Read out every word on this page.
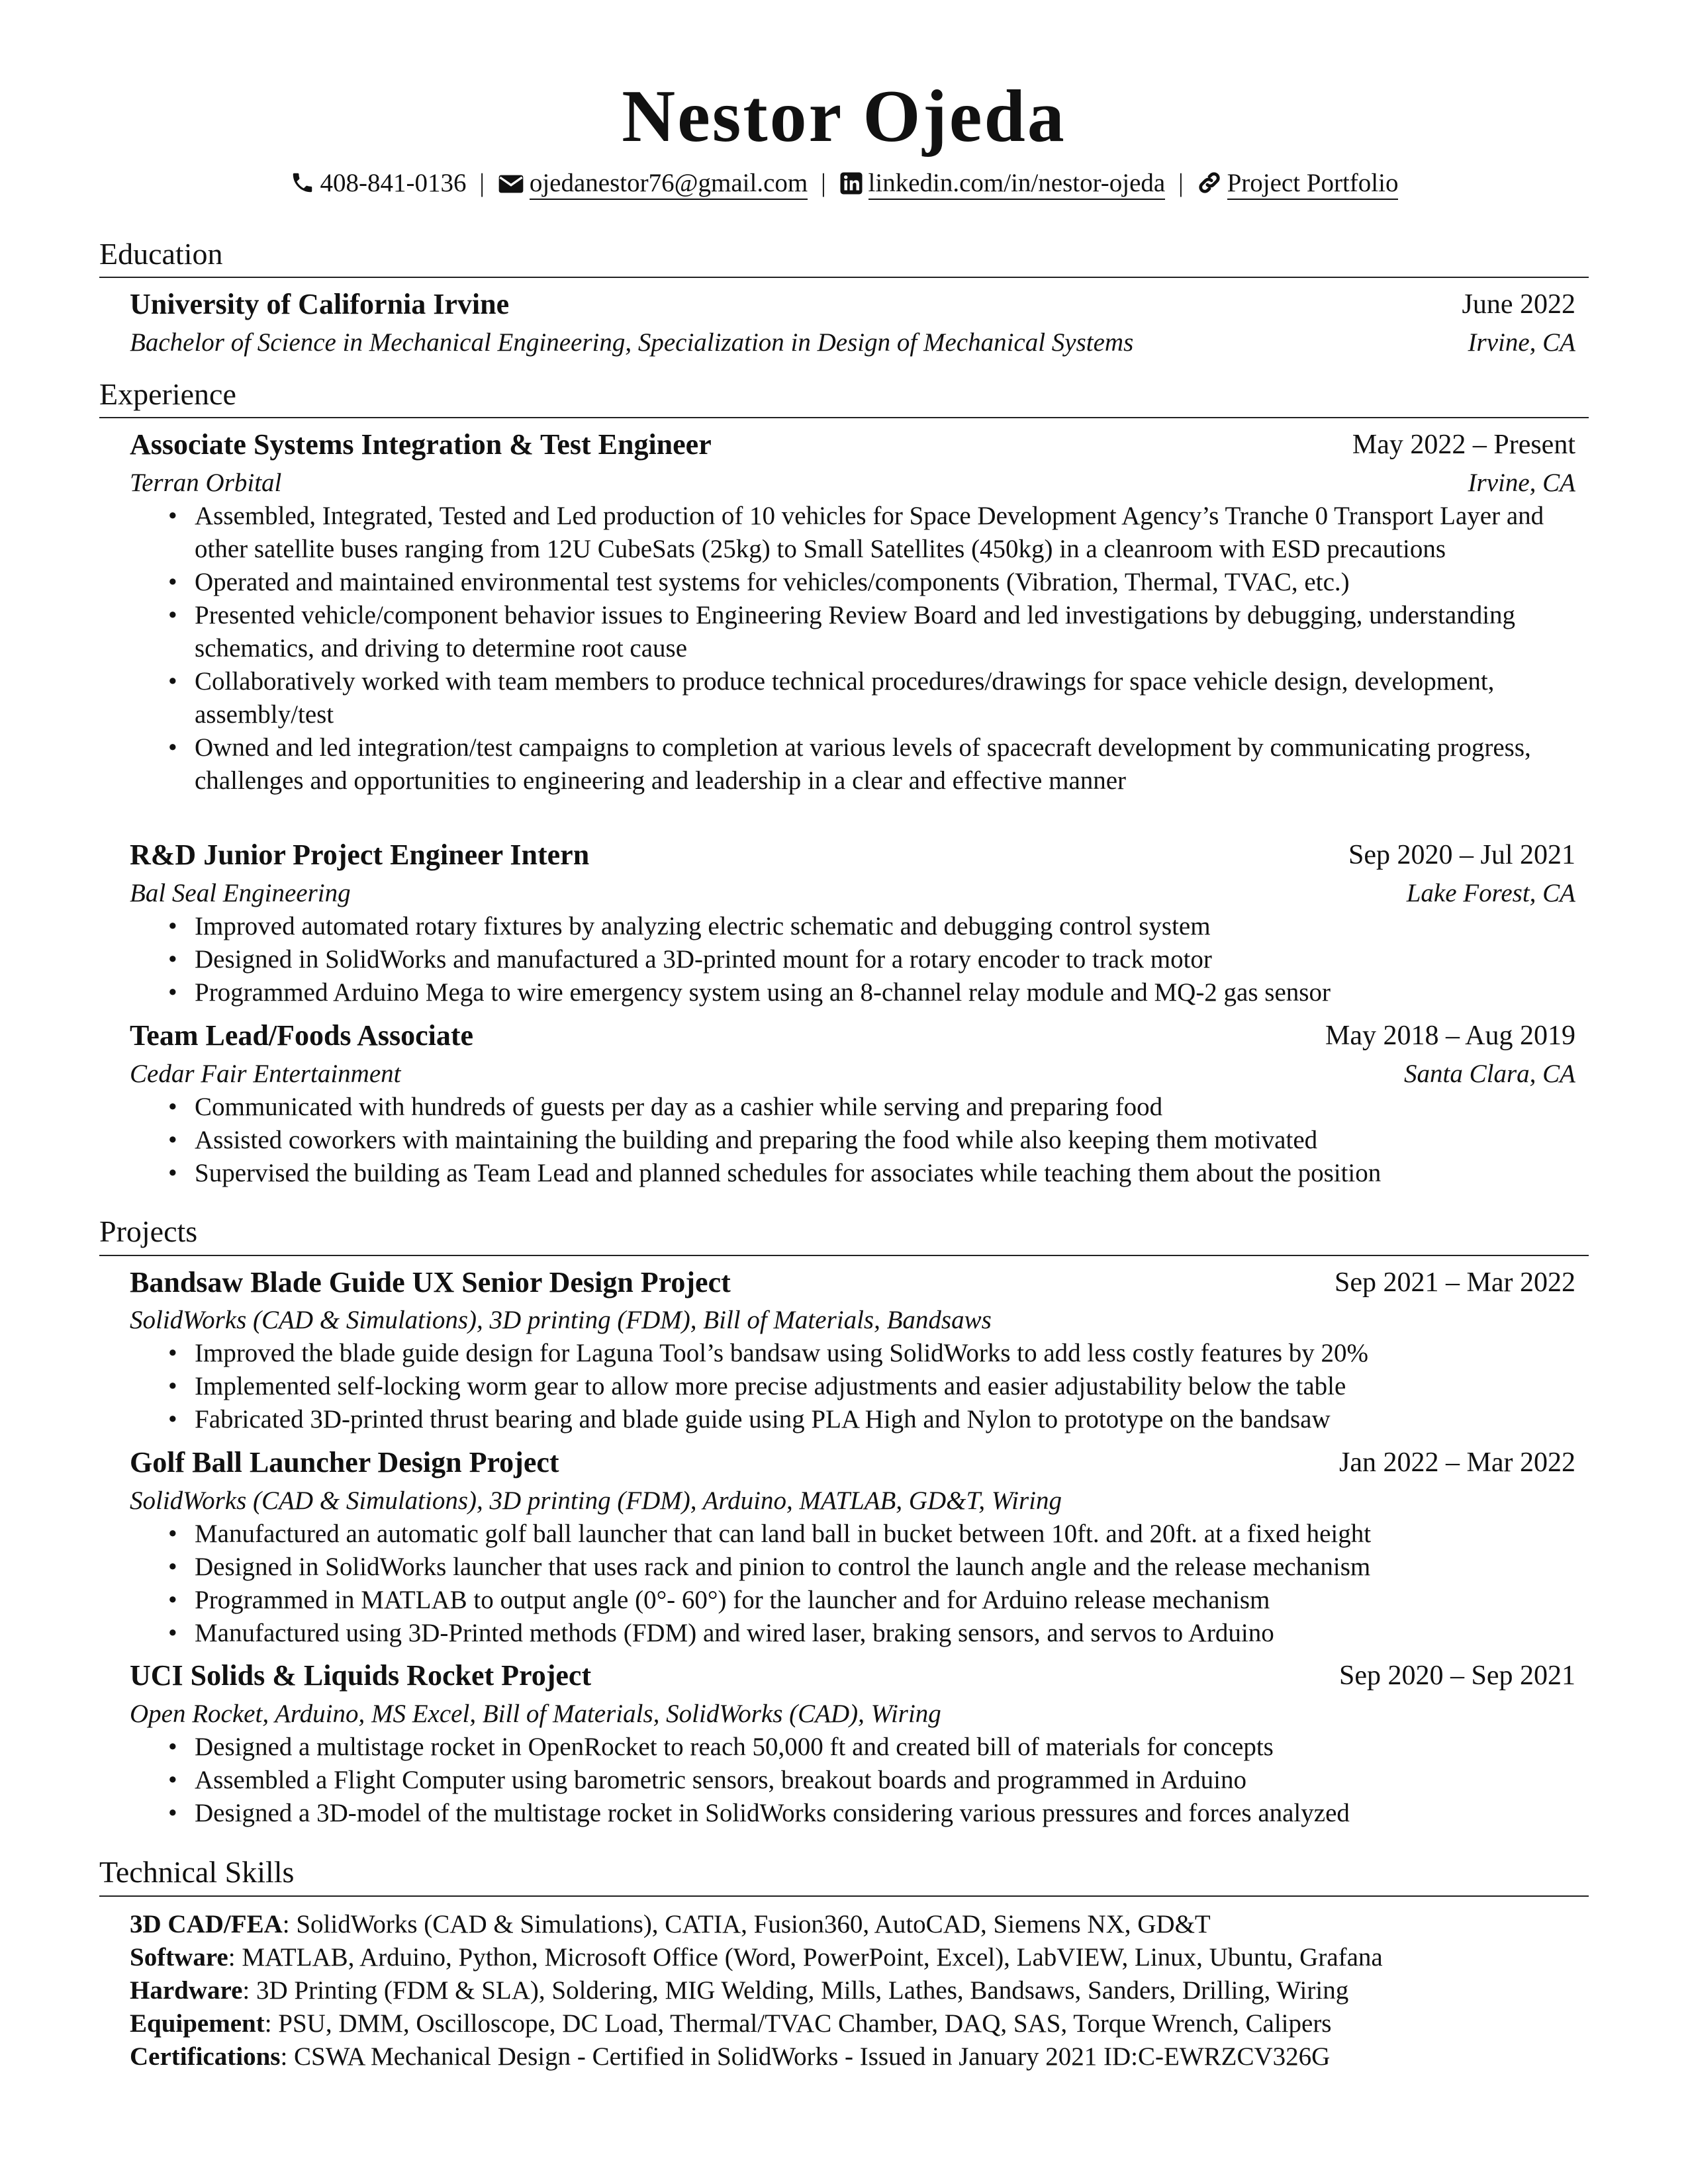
Nestor Ojeda
408-841-0136 | ojedanestor76@gmail.com | linkedin.com/in/nestor-ojeda | Project Portfolio
Education
University of California Irvine	June 2022
Bachelor of Science in Mechanical Engineering, Specialization in Design of Mechanical Systems	Irvine, CA
Experience
Associate Systems Integration & Test Engineer	May 2022 – Present
Terran Orbital	Irvine, CA
• Assembled, Integrated, Tested and Led production of 10 vehicles for Space Development Agency’s Tranche 0 Transport Layer and other satellite buses ranging from 12U CubeSats (25kg) to Small Satellites (450kg) in a cleanroom with ESD precautions
• Operated and maintained environmental test systems for vehicles/components (Vibration, Thermal, TVAC, etc.)
• Presented vehicle/component behavior issues to Engineering Review Board and led investigations by debugging, understanding schematics, and driving to determine root cause
• Collaboratively worked with team members to produce technical procedures/drawings for space vehicle design, development, assembly/test
• Owned and led integration/test campaigns to completion at various levels of spacecraft development by communicating progress, challenges and opportunities to engineering and leadership in a clear and effective manner
R&D Junior Project Engineer Intern	Sep 2020 – Jul 2021
Bal Seal Engineering	Lake Forest, CA
• Improved automated rotary fixtures by analyzing electric schematic and debugging control system
• Designed in SolidWorks and manufactured a 3D-printed mount for a rotary encoder to track motor
• Programmed Arduino Mega to wire emergency system using an 8-channel relay module and MQ-2 gas sensor
Team Lead/Foods Associate	May 2018 – Aug 2019
Cedar Fair Entertainment	Santa Clara, CA
• Communicated with hundreds of guests per day as a cashier while serving and preparing food
• Assisted coworkers with maintaining the building and preparing the food while also keeping them motivated
• Supervised the building as Team Lead and planned schedules for associates while teaching them about the position
Projects
Bandsaw Blade Guide UX Senior Design Project	Sep 2021 – Mar 2022
SolidWorks (CAD & Simulations), 3D printing (FDM), Bill of Materials, Bandsaws
• Improved the blade guide design for Laguna Tool’s bandsaw using SolidWorks to add less costly features by 20%
• Implemented self-locking worm gear to allow more precise adjustments and easier adjustability below the table
• Fabricated 3D-printed thrust bearing and blade guide using PLA High and Nylon to prototype on the bandsaw
Golf Ball Launcher Design Project	Jan 2022 – Mar 2022
SolidWorks (CAD & Simulations), 3D printing (FDM), Arduino, MATLAB, GD&T, Wiring
• Manufactured an automatic golf ball launcher that can land ball in bucket between 10ft. and 20ft. at a fixed height
• Designed in SolidWorks launcher that uses rack and pinion to control the launch angle and the release mechanism
• Programmed in MATLAB to output angle (0°- 60°) for the launcher and for Arduino release mechanism
• Manufactured using 3D-Printed methods (FDM) and wired laser, braking sensors, and servos to Arduino
UCI Solids & Liquids Rocket Project	Sep 2020 – Sep 2021
Open Rocket, Arduino, MS Excel, Bill of Materials, SolidWorks (CAD), Wiring
• Designed a multistage rocket in OpenRocket to reach 50,000 ft and created bill of materials for concepts
• Assembled a Flight Computer using barometric sensors, breakout boards and programmed in Arduino
• Designed a 3D-model of the multistage rocket in SolidWorks considering various pressures and forces analyzed
Technical Skills
3D CAD/FEA: SolidWorks (CAD & Simulations), CATIA, Fusion360, AutoCAD, Siemens NX, GD&T
Software: MATLAB, Arduino, Python, Microsoft Office (Word, PowerPoint, Excel), LabVIEW, Linux, Ubuntu, Grafana
Hardware: 3D Printing (FDM & SLA), Soldering, MIG Welding, Mills, Lathes, Bandsaws, Sanders, Drilling, Wiring
Equipement: PSU, DMM, Oscilloscope, DC Load, Thermal/TVAC Chamber, DAQ, SAS, Torque Wrench, Calipers
Certifications: CSWA Mechanical Design - Certified in SolidWorks - Issued in January 2021 ID:C-EWRZCV326G
